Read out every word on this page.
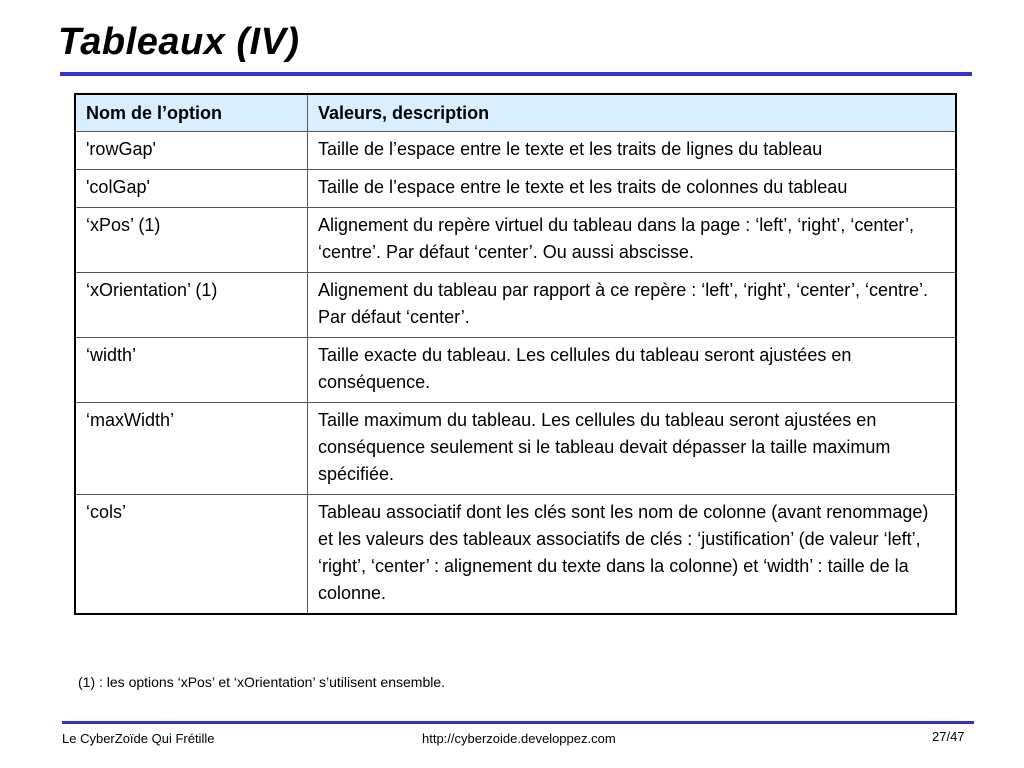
Tableaux (IV)
Nom de l’option	Valeurs, description
'rowGap'	Taille de l’espace entre le texte et les traits de lignes du tableau
'colGap'	Taille de l’espace entre le texte et les traits de colonnes du tableau
‘xPos’ (1)	Alignement du repère virtuel du tableau dans la page : ‘left’, ‘right’, ‘center’, ‘centre’. Par défaut ‘center’. Ou aussi abscisse.
‘xOrientation’ (1)	Alignement du tableau par rapport à ce repère : ‘left’, ‘right’, ‘center’, ‘centre’. Par défaut ‘center’.
‘width’	Taille exacte du tableau. Les cellules du tableau seront ajustées en conséquence.
‘maxWidth’	Taille maximum du tableau. Les cellules du tableau seront ajustées en conséquence seulement si le tableau devait dépasser la taille maximum spécifiée.
‘cols’	Tableau associatif dont les clés sont les nom de colonne (avant renommage) et les valeurs des tableaux associatifs de clés : ‘justification’ (de valeur ‘left’, ‘right’, ‘center’ : alignement du texte dans la colonne) et ‘width’ : taille de la colonne.
(1) : les options ‘xPos’ et ‘xOrientation’ s’utilisent ensemble.
Le CyberZoïde Qui Frétille	http://cyberzoide.developpez.com	27/47
